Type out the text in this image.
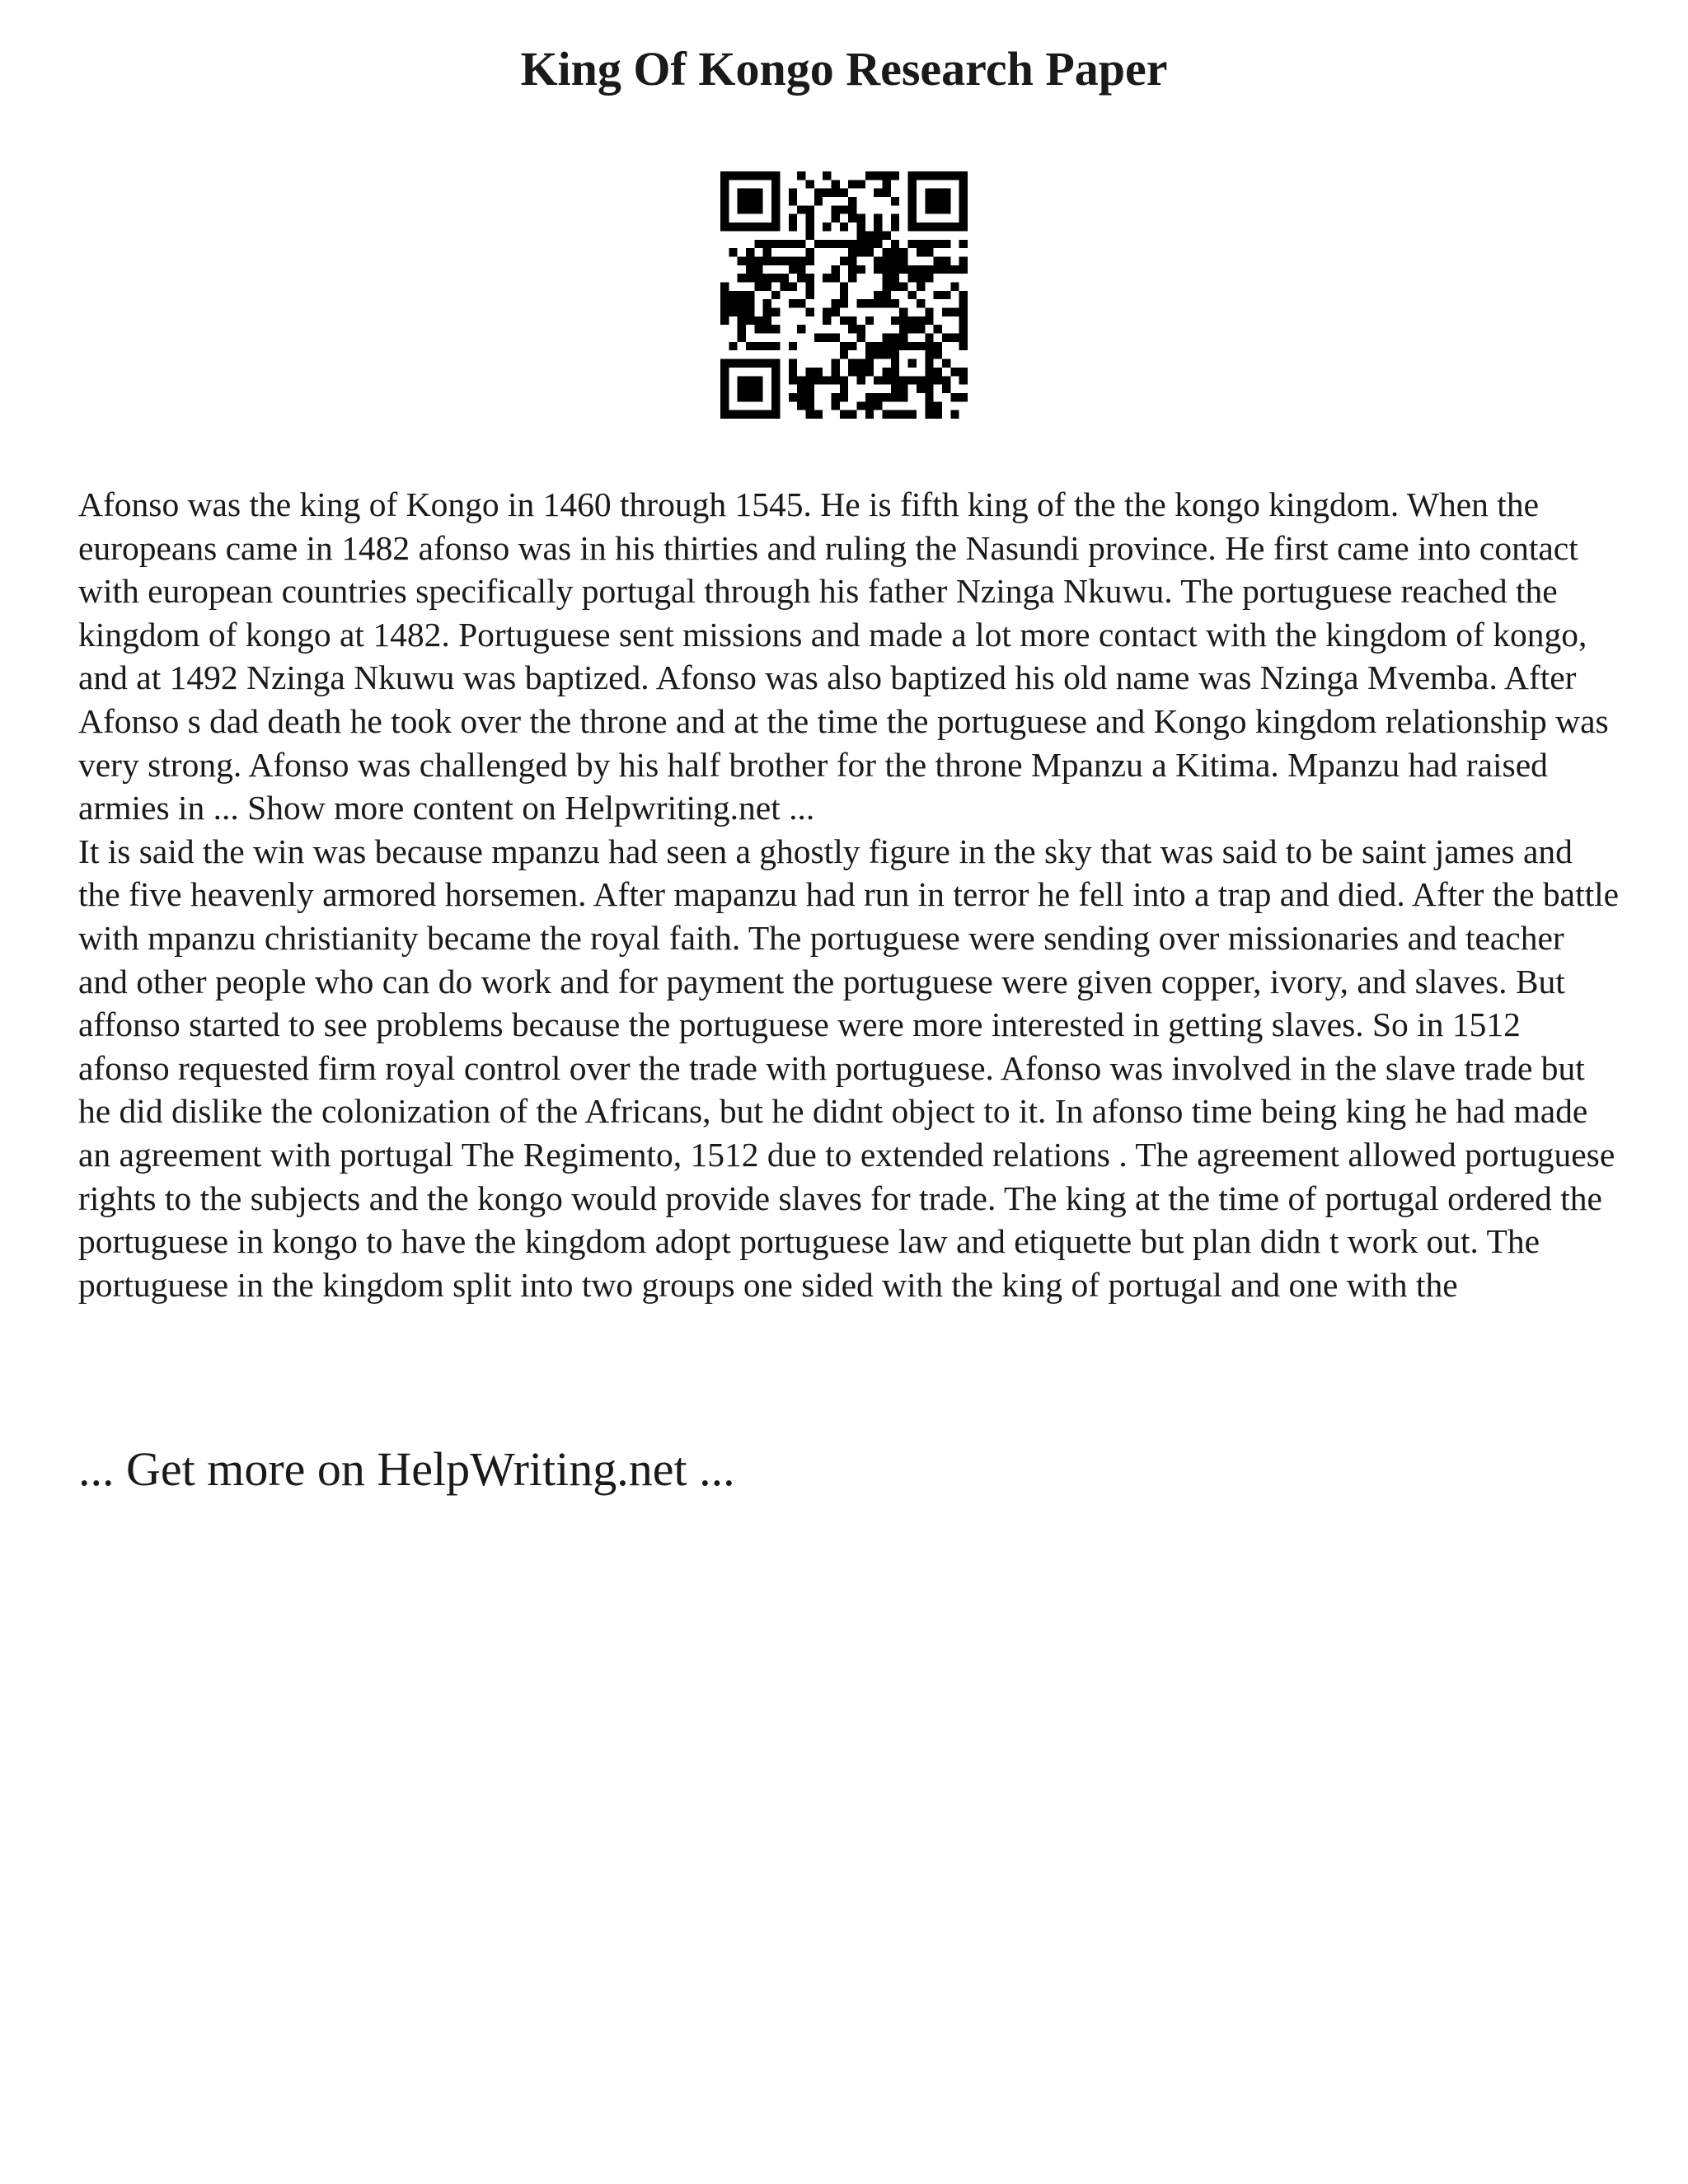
King Of Kongo Research Paper

Afonso was the king of Kongo in 1460 through 1545. He is fifth king of the the kongo kingdom. When the europeans came in 1482 afonso was in his thirties and ruling the Nasundi province. He first came into contact with european countries specifically portugal through his father Nzinga Nkuwu. The portuguese reached the kingdom of kongo at 1482. Portuguese sent missions and made a lot more contact with the kingdom of kongo, and at 1492 Nzinga Nkuwu was baptized. Afonso was also baptized his old name was Nzinga Mvemba. After Afonso s dad death he took over the throne and at the time the portuguese and Kongo kingdom relationship was very strong. Afonso was challenged by his half brother for the throne Mpanzu a Kitima. Mpanzu had raised armies in ... Show more content on Helpwriting.net ...

It is said the win was because mpanzu had seen a ghostly figure in the sky that was said to be saint james and the five heavenly armored horsemen. After mapanzu had run in terror he fell into a trap and died. After the battle with mpanzu christianity became the royal faith. The portuguese were sending over missionaries and teacher and other people who can do work and for payment the portuguese were given copper, ivory, and slaves. But affonso started to see problems because the portuguese were more interested in getting slaves. So in 1512 afonso requested firm royal control over the trade with portuguese. Afonso was involved in the slave trade but he did dislike the colonization of the Africans, but he didnt object to it. In afonso time being king he had made an agreement with portugal The Regimento, 1512 due to extended relations . The agreement allowed portuguese rights to the subjects and the kongo would provide slaves for trade. The king at the time of portugal ordered the portuguese in kongo to have the kingdom adopt portuguese law and etiquette but plan didn t work out. The portuguese in the kingdom split into two groups one sided with the king of portugal and one with the

... Get more on HelpWriting.net ...
